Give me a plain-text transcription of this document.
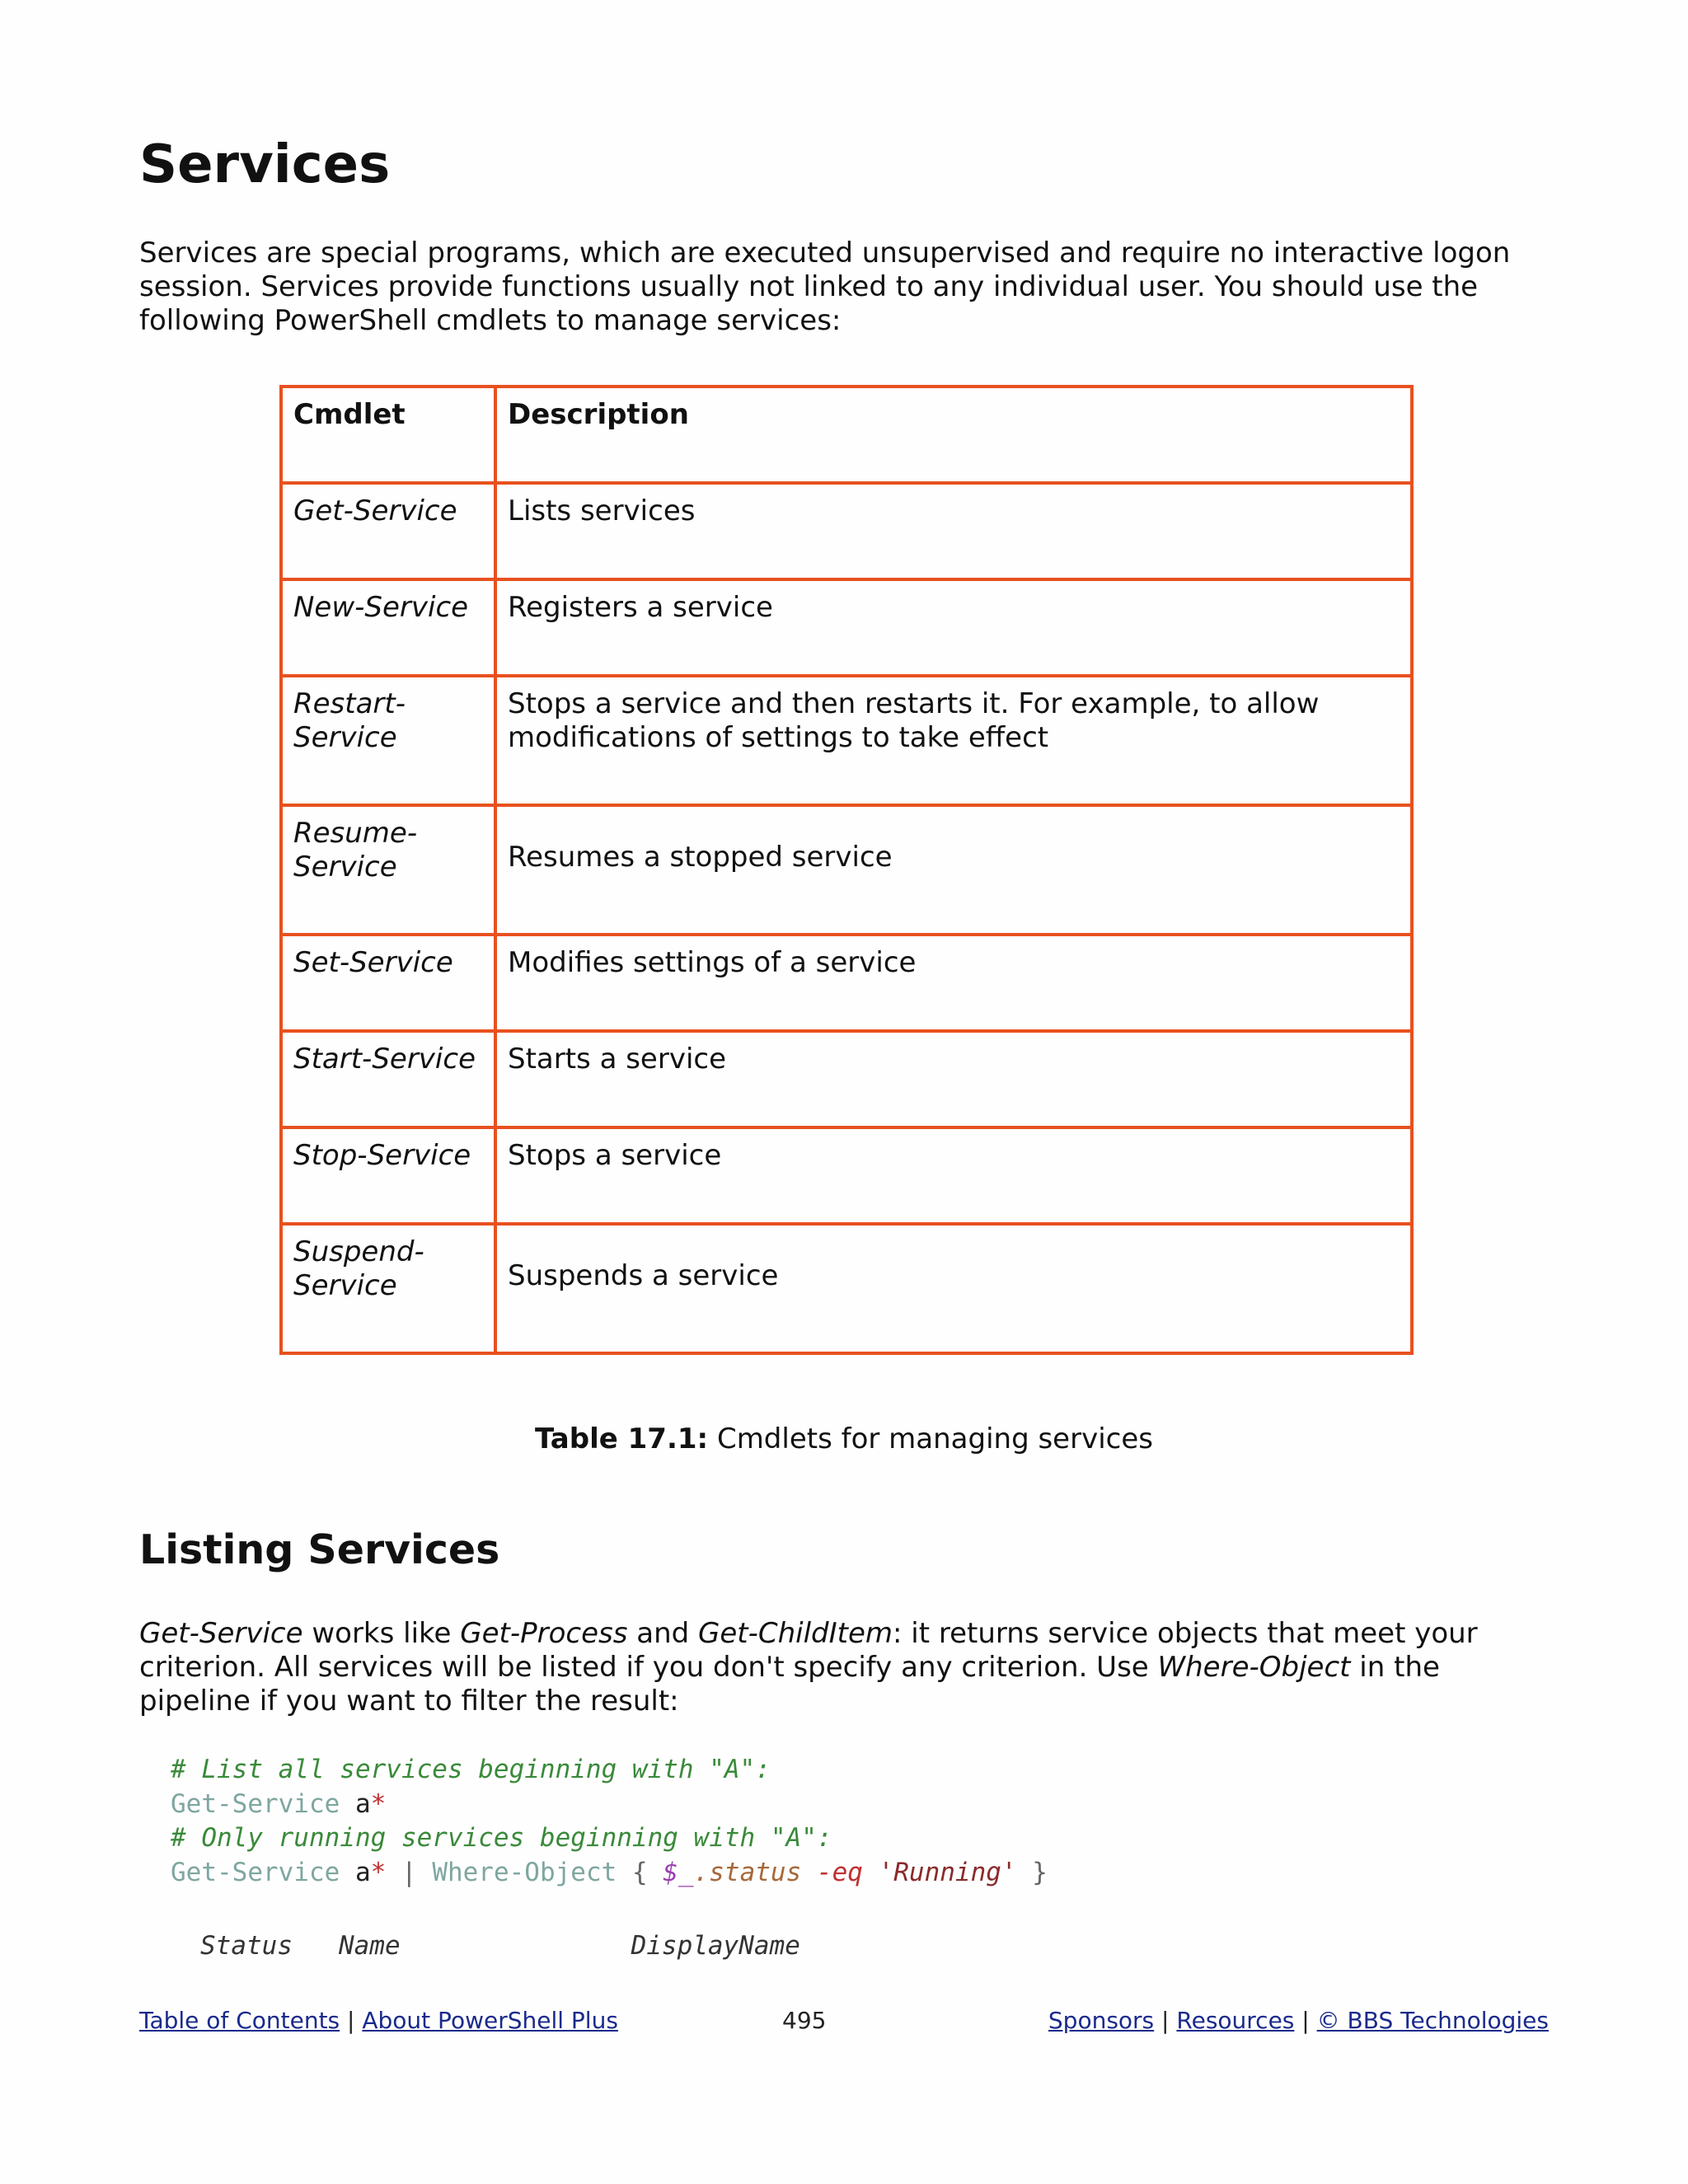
Services

Services are special programs, which are executed unsupervised and require no interactive logon session. Services provide functions usually not linked to any individual user. You should use the following PowerShell cmdlets to manage services:

Cmdlet	Description
Get-Service	Lists services
New-Service	Registers a service
Restart-Service	Stops a service and then restarts it. For example, to allow modifications of settings to take effect
Resume-Service	Resumes a stopped service
Set-Service	Modifies settings of a service
Start-Service	Starts a service
Stop-Service	Stops a service
Suspend-Service	Suspends a service
Table 17.1: Cmdlets for managing services
Listing Services

Get-Service works like Get-Process and Get-ChildItem: it returns service objects that meet your criterion. All services will be listed if you don't specify any criterion. Use Where-Object in the pipeline if you want to filter the result:

# List all services beginning with "A":
Get-Service a*
# Only running services beginning with "A":
Get-Service a* | Where-Object { $_.status -eq 'Running' }
Status   Name               DisplayName
Table of Contents | About PowerShell Plus	495	Sponsors | Resources | © BBS Technologies
